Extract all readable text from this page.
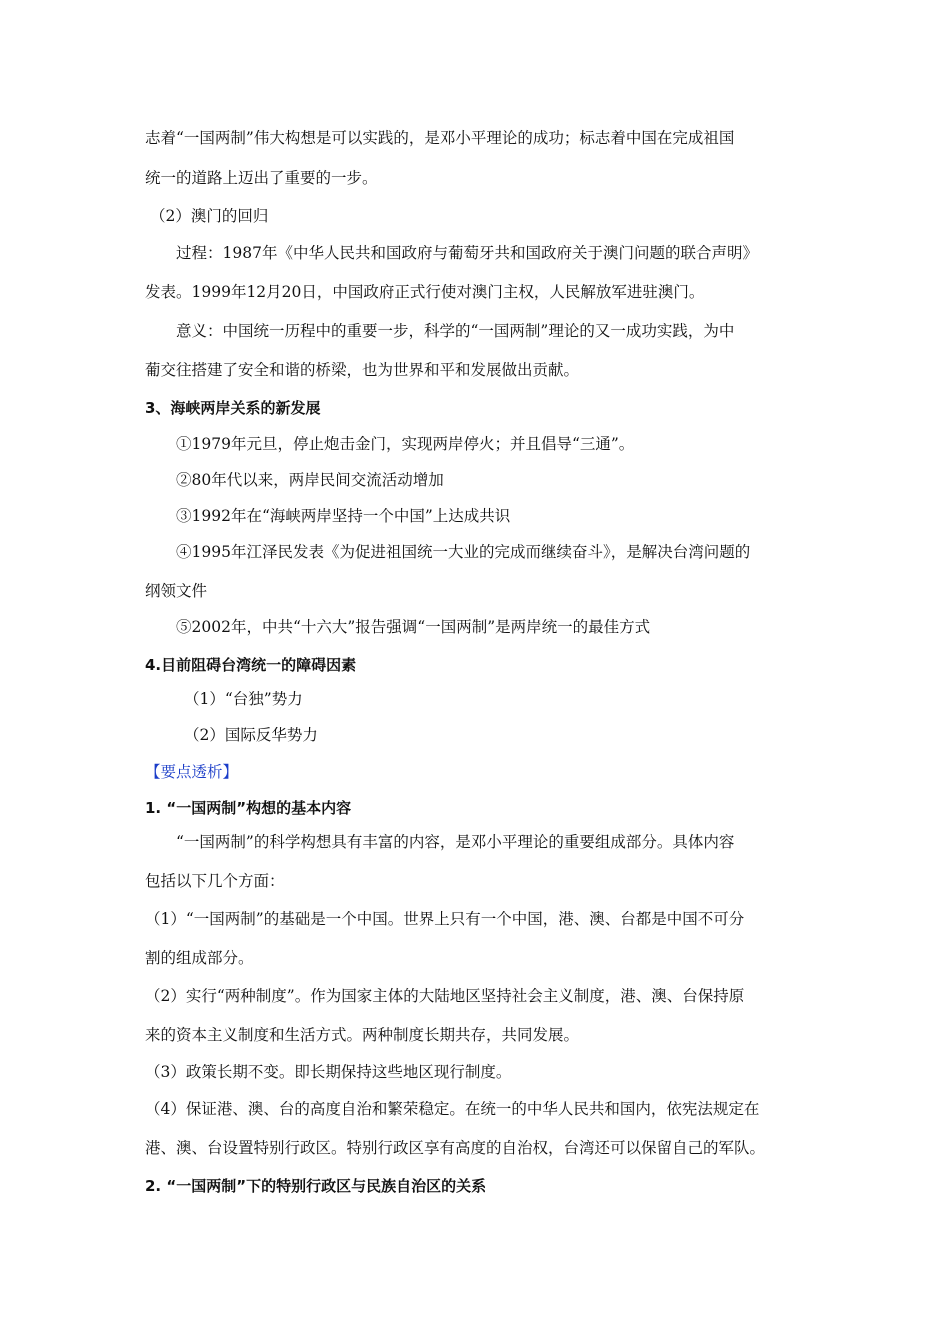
志着“一国两制”伟大构想是可以实践的，是邓小平理论的成功；标志着中国在完成祖国
统一的道路上迈出了重要的一步。
（2）澳门的回归
过程：1987年《中华人民共和国政府与葡萄牙共和国政府关于澳门问题的联合声明》
发表。1999年12月20日，中国政府正式行使对澳门主权，人民解放军进驻澳门。
意义：中国统一历程中的重要一步，科学的“一国两制”理论的又一成功实践，为中
葡交往搭建了安全和谐的桥梁，也为世界和平和发展做出贡献。
3、海峡两岸关系的新发展
①1979年元旦，停止炮击金门，实现两岸停火；并且倡导“三通”。
②80年代以来，两岸民间交流活动增加
③1992年在“海峡两岸坚持一个中国”上达成共识
④1995年江泽民发表《为促进祖国统一大业的完成而继续奋斗》，是解决台湾问题的
纲领文件
⑤2002年，中共“十六大”报告强调“一国两制”是两岸统一的最佳方式
4.目前阻碍台湾统一的障碍因素
（1）“台独”势力
（2）国际反华势力
【要点透析】
1. “一国两制”构想的基本内容
“一国两制”的科学构想具有丰富的内容，是邓小平理论的重要组成部分。具体内容
包括以下几个方面：
（1）“一国两制”的基础是一个中国。世界上只有一个中国，港、澳、台都是中国不可分
割的组成部分。
（2）实行“两种制度”。作为国家主体的大陆地区坚持社会主义制度，港、澳、台保持原
来的资本主义制度和生活方式。两种制度长期共存，共同发展。
（3）政策长期不变。即长期保持这些地区现行制度。
（4）保证港、澳、台的高度自治和繁荣稳定。在统一的中华人民共和国内，依宪法规定在
港、澳、台设置特别行政区。特别行政区享有高度的自治权，台湾还可以保留自己的军队。
2. “一国两制”下的特别行政区与民族自治区的关系
